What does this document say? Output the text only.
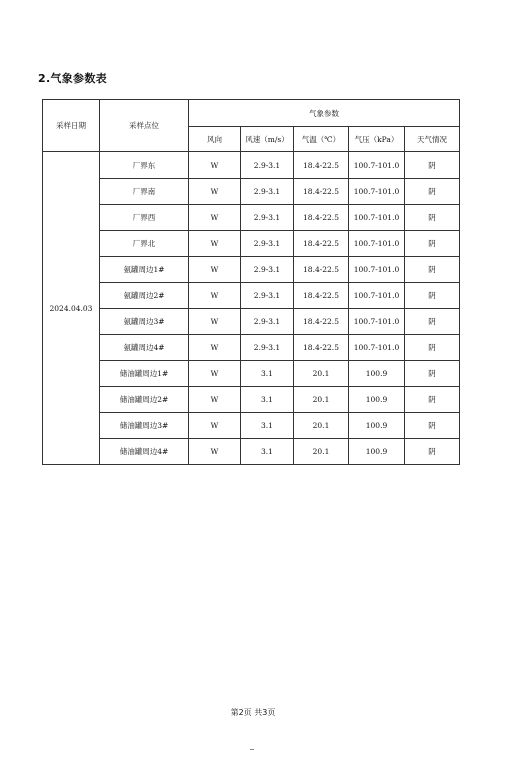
2.气象参数表
采样日期	采样点位	气象参数				
		风向	风速（m/s）	气温（℃）	气压（kPa）	天气情况
2024.04.03	厂界东	W	2.9-3.1	18.4-22.5	100.7-101.0	阴
	厂界南	W	2.9-3.1	18.4-22.5	100.7-101.0	阴
	厂界西	W	2.9-3.1	18.4-22.5	100.7-101.0	阴
	厂界北	W	2.9-3.1	18.4-22.5	100.7-101.0	阴
	氨罐周边1#	W	2.9-3.1	18.4-22.5	100.7-101.0	阴
	氨罐周边2#	W	2.9-3.1	18.4-22.5	100.7-101.0	阴
	氨罐周边3#	W	2.9-3.1	18.4-22.5	100.7-101.0	阴
	氨罐周边4#	W	2.9-3.1	18.4-22.5	100.7-101.0	阴
	储油罐周边1#	W	3.1	20.1	100.9	阴
	储油罐周边2#	W	3.1	20.1	100.9	阴
	储油罐周边3#	W	3.1	20.1	100.9	阴
	储油罐周边4#	W	3.1	20.1	100.9	阴
第2页 共3页
